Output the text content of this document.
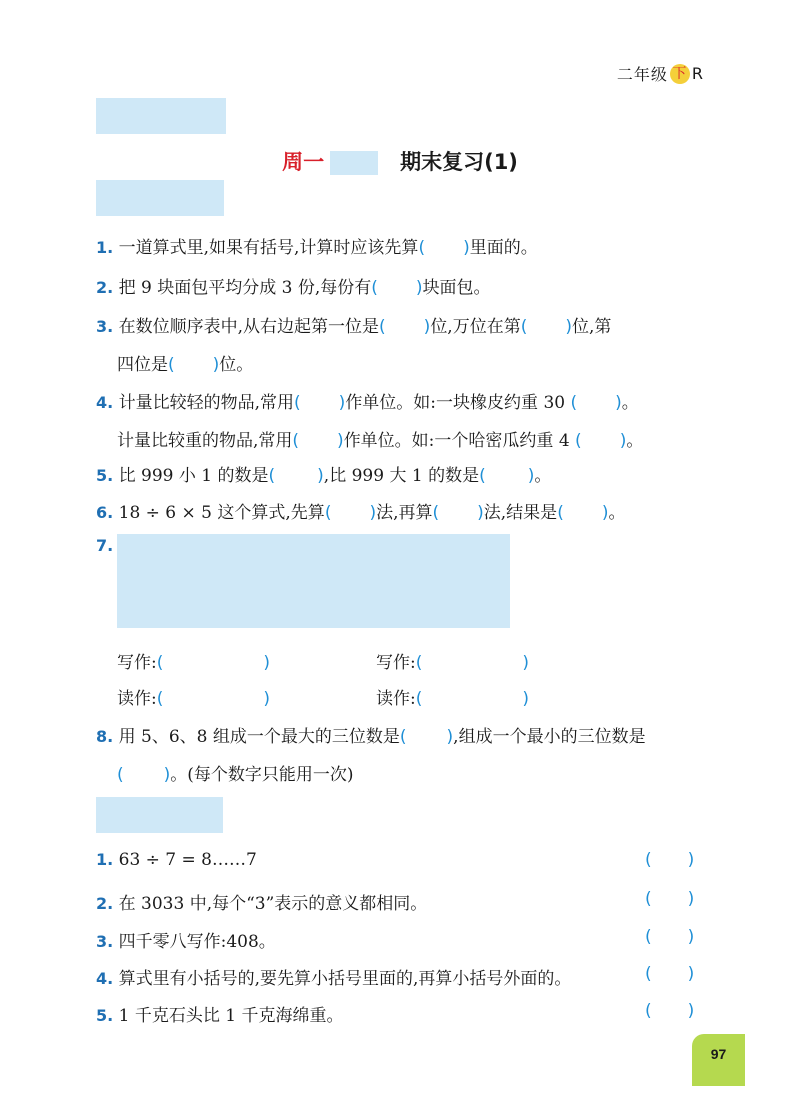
二年级 下 R
周一	期末复习(1)
1. 一道算式里,如果有括号,计算时应该先算( )里面的。
2. 把 9 块面包平均分成 3 份,每份有( )块面包。
3. 在数位顺序表中,从右边起第一位是( )位,万位在第( )位,第
四位是( )位。
4. 计量比较轻的物品,常用( )作单位。如:一块橡皮约重 30 ( )。
计量比较重的物品,常用( )作单位。如:一个哈密瓜约重 4 ( )。
5. 比 999 小 1 的数是( ),比 999 大 1 的数是( )。
6. 18 ÷ 6 × 5 这个算式,先算( )法,再算( )法,结果是( )。
7.
写作:(	)	写作:(	)
读作:(	)	读作:(	)
8. 用 5、6、8 组成一个最大的三位数是( ),组成一个最小的三位数是
( )。(每个数字只能用一次)
1. 63 ÷ 7 = 8……7	( )
2. 在 3033 中,每个“3”表示的意义都相同。	( )
3. 四千零八写作:408。	( )
4. 算式里有小括号的,要先算小括号里面的,再算小括号外面的。	( )
5. 1 千克石头比 1 千克海绵重。	( )
97
